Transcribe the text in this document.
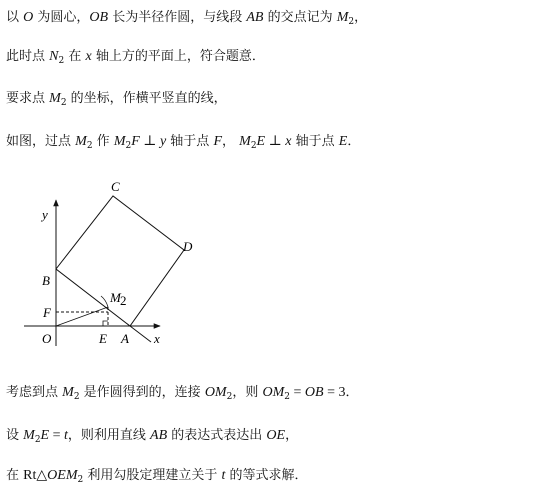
以 O 为圆心，OB 长为半径作圆，与线段 AB 的交点记为 $M_2$，
此时点 $N_2$ 在 x 轴上方的平面上，符合题意．
要求点 $M_2$ 的坐标，作横平竖直的线，
如图，过点 $M_2$ 作 $M_2F$ ⊥ y 轴于点 F， $M_2E$ ⊥ x 轴于点 E．
考虑到点 $M_2$ 是作圆得到的，连接 $OM_2$，则 $OM_2$ = OB = 3．
设 $M_2E = t$，则利用直线 AB 的表达式表达出 OE，
在 $Rt\triangle OEM_2$ 利用勾股定理建立关于 t 的等式求解．
C
D
B
M 2
F
O	E A x
y
